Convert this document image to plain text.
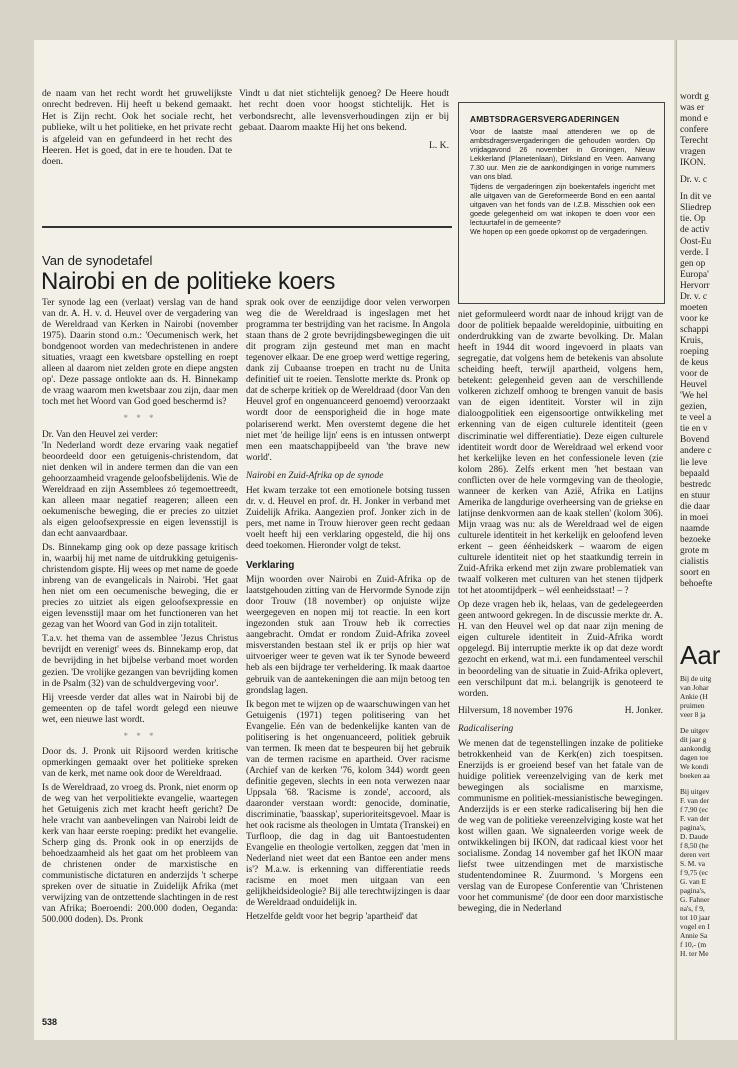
de naam van het recht wordt het gruwelijkste onrecht bedreven. Hij heeft u bekend gemaakt. Het is Zijn recht. Ook het sociale recht, het publieke, wilt u het politieke, en het private recht is afgeleid van en gefundeerd in het recht des Heeren. Het is goed, dat in ere te houden. Dat te doen.

Vindt u dat niet stichtelijk genoeg? De Heere houdt het recht doen voor hoogst stichtelijk. Het is verbondsrecht, alle levensverhoudingen zijn er bij gebaat. Daarom maakte Hij het ons bekend.

L. K.

AMBTSDRAGERSVERGADERINGEN

Voor de laatste maal attenderen we op de ambtsdragersvergaderingen die gehouden worden. Op vrijdagavond 26 november in Groningen, Nieuw Lekkerland (Planetenlaan), Dirksland en Veen. Aanvang 7.30 uur. Men zie de aankondigingen in vorige nummers van ons blad.

Tijdens de vergaderingen zijn boekentafels ingericht met alle uitgaven van de Gereformeerde Bond en een aantal uitgaven van het fonds van de I.Z.B. Misschien ook een goede gelegenheid om wat inkopen te doen voor een lectuurtafel in de gemeente?

We hopen op een goede opkomst op de vergaderingen.

Van de synodetafel
Nairobi en de politieke koers

Ter synode lag een (verlaat) verslag van de hand van dr. A. H. v. d. Heuvel over de vergadering van de Wereldraad van Kerken in Nairobi (november 1975). Daarin stond o.m.: 'Oecumenisch werk, het bondgenoot worden van medechristenen in andere situaties, vraagt een kwetsbare opstelling en roept alleen al daarom niet zelden grote en diepe angsten op'. Deze passage ontlokte aan ds. H. Binnekamp de vraag waarom men kwetsbaar zou zijn, daar men toch met het Woord van God goed beschermd is?

* * *

Dr. Van den Heuvel zei verder:

'In Nederland wordt deze ervaring vaak negatief beoordeeld door een getuigenis-christendom, dat niet denken wil in andere termen dan die van een gehoorzaamheid vragende geloofsbelijdenis. Wie de Wereldraad en zijn Assemblees zó tegemoettreedt, kan alleen maar negatief reageren; alleen een oekumenische beweging, die er precies zo uitziet als eigen geloofsexpressie en eigen levensstijl is dan echt aanvaardbaar.

Ds. Binnekamp ging ook op deze passage kritisch in, waarbij hij met name de uitdrukking getuigenis-christendom gispte. Hij wees op met name de goede inbreng van de evangelicals in Nairobi. 'Het gaat hen niet om een oecumenische beweging, die er precies zo uitziet als eigen geloofsexpressie en eigen levensstijl maar om het functioneren van het gezag van het Woord van God in zijn totaliteit.

T.a.v. het thema van de assemblee 'Jezus Christus bevrijdt en verenigt' wees ds. Binnekamp erop, dat de bevrijding in het bijbelse verband moet worden gezien. 'De vrolijke gezangen van bevrijding komen in de Psalm (32) van de schuldvergeving voor'.

Hij vreesde verder dat alles wat in Nairobi bij de gemeenten op de tafel wordt gelegd een nieuwe wet, een nieuwe last wordt.

* * *

Door ds. J. Pronk uit Rijsoord werden kritische opmerkingen gemaakt over het politieke spreken van de kerk, met name ook door de Wereldraad.

Is de Wereldraad, zo vroeg ds. Pronk, niet enorm op de weg van het verpolitiekte evangelie, waartegen het Getuigenis zich met kracht heeft gericht? De hele vracht van aanbevelingen van Nairobi leidt de kerk van haar eerste roeping: predikt het evangelie. Scherp ging ds. Pronk ook in op enerzijds de behoedzaamheid als het gaat om het probleem van de christenen onder de marxistische en communistische dictaturen en anderzijds 't scherpe spreken over de situatie in Zuidelijk Afrika (met verwijzing van de ontzettende slachtingen in de rest van Afrika; Boeroendi: 200.000 doden, Oeganda: 500.000 doden). Ds. Pronk

sprak ook over de eenzijdige door velen verworpen weg die de Wereldraad is ingeslagen met het programma ter bestrijding van het racisme. In Angola staan thans de 2 grote bevrijdingsbewegingen die uit dit program zijn gesteund met man en macht tegenover elkaar. De ene groep werd wettige regering, dank zij Cubaanse troepen en tracht nu de Unita definitief uit te roeien. Tenslotte merkte ds. Pronk op dat de scherpe kritiek op de Wereldraad (door Van den Heuvel grof en ongenuanceerd genoemd) veroorzaakt wordt door de eensporigheid die in hoge mate polariserend werkt. Men overstemt degene die het niet met 'de heilige lijn' eens is en intussen ontwerpt men een maatschappijbeeld van 'the brave new world'.

Nairobi en Zuid-Afrika op de synode

Het kwam terzake tot een emotionele botsing tussen dr. v. d. Heuvel en prof. dr. H. Jonker in verband met Zuidelijk Afrika. Aangezien prof. Jonker zich in de pers, met name in Trouw hierover geen recht gedaan voelt heeft hij een verklaring opgesteld, die hij ons deed toekomen. Hieronder volgt de tekst.

Verklaring

Mijn woorden over Nairobi en Zuid-Afrika op de laatstgehouden zitting van de Hervormde Synode zijn door Trouw (18 november) op onjuiste wijze weergegeven en nopen mij tot reactie. In een kort ingezonden stuk aan Trouw heb ik correcties aangebracht. Omdat er rondom Zuid-Afrika zoveel misverstanden bestaan stel ik er prijs op hier wat uitvoeriger weer te geven wat ik ter Synode beweerd heb als een bijdrage ter verheldering. Ik maak daartoe gebruik van de aantekeningen die aan mijn betoog ten grondslag lagen.

Ik begon met te wijzen op de waarschuwingen van het Getuigenis (1971) tegen politisering van het Evangelie. Eén van de bedenkelijke kanten van de politisering is het ongenuanceerd, politiek gebruik van termen. Ik meen dat te bespeuren bij het gebruik van de termen racisme en apartheid. Over racisme (Archief van de kerken '76, kolom 344) wordt geen definitie gegeven, slechts in een nota verwezen naar Uppsala '68. 'Racisme is zonde', accoord, als daaronder verstaan wordt: genocide, dominatie, discriminatie, 'baasskap', superioriteitsgevoel. Maar is het ook racisme als theologen in Umtata (Transkei) en Turfloop, die dag in dag uit Bantoestudenten Evangelie en theologie vertolken, zeggen dat 'men in Nederland niet weet dat een Bantoe een ander mens is'? M.a.w. is erkenning van differentiatie reeds racisme en moet men uitgaan van een gelijkheidsideologie? Bij alle terechtwijzingen is daar de Wereldraad onduidelijk in.

Hetzelfde geldt voor het begrip 'apartheid' dat

niet geformuleerd wordt naar de inhoud krijgt van de door de politiek bepaalde wereldopinie, uitbuiting en onderdrukking van de zwarte bevolking. Dr. Malan heeft in 1944 dit woord ingevoerd in plaats van segregatie, dat volgens hem de betekenis van absolute scheiding heeft, terwijl apartheid, volgens hem, betekent: gelegenheid geven aan de verschillende volkeren zichzelf omhoog te brengen vanuit de basis van de eigen identiteit. Vorster wil in zijn dialoogpolitiek een eigensoortige ontwikkeling met erkenning van de eigen culturele identiteit (geen discriminatie wel differentiatie). Deze eigen culturele identiteit wordt door de Wereldraad wel erkend voor het kerkelijke leven en het confessionele leven (zie kolom 286). Zelfs erkent men 'het bestaan van conflicten over de hele vormgeving van de theologie, wanneer de kerken van Azië, Afrika en Latijns Amerika de langdurige overheersing van de griekse en latijnse denkvormen aan de kaak stellen' (kolom 306). Mijn vraag was nu: als de Wereldraad wel de eigen culturele identiteit in het kerkelijk en geloofend leven erkent – geen éénheidskerk – waarom de eigen culturele identiteit niet op het staatkundig terrein in Zuid-Afrika erkend met zijn zware problematiek van twaalf volkeren met culturen van het stenen tijdperk tot het atoomtijdperk – wél eenheidsstaat! – ?

Op deze vragen heb ik, helaas, van de gedelegeerden geen antwoord gekregen. In de discussie merkte dr. A. H. van den Heuvel wel op dat naar zijn mening de eigen culturele identiteit in Zuid-Afrika wordt opgelegd. Bij interruptie merkte ik op dat deze wordt gezocht en erkend, wat m.i. een fundamenteel verschil in beoordeling van de situatie in Zuid-Afrika oplevert, een verschilpunt dat m.i. belangrijk is genoteerd te worden.

Hilversum, 18 november 1976	H. Jonker.

Radicalisering

We menen dat de tegenstellingen inzake de politieke betrokkenheid van de Kerk(en) zich toespitsen. Enerzijds is er groeiend besef van het fatale van de huidige politiek vereenzelviging van de kerk met bewegingen als socialisme en marxisme, communisme en politiek-messianistische bewegingen. Anderzijds is er een sterke radicalisering bij hen die de weg van de politieke vereenzelviging koste wat het kost willen gaan. We signaleerden vorige week de ontwikkelingen bij IKON, dat radicaal kiest voor het socialisme. Zondag 14 november gaf het IKON maar liefst twee uitzendingen met de marxistische studentendominee R. Zuurmond. 's Morgens een verslag van de Europese Conferentie van 'Christenen voor het communisme' (de door een door marxistische beweging, die in Nederland

538
wordt g
was er
mond e
confere
Terecht
vragen
IKON.
Dr. v. c
In dit ve
Sliedrep
tie. Op
de activ
Oost-Eu
verde. I
gen op
Europa'
Hervorr
Dr. v. c
moeten
voor ke
schappi
Kruis,
roeping
de keus
voor de
Heuvel
'We hel
gezien,
te veel a
tie en v
Bovend
andere c
lie leve
bepaald
bestredc
en stuur
die daar
in moei
naamde
bezoeke
grote m
cialistis
soort en
behoefte
Aar
Bij de uitg
van Johar
Ankie (H
pruimen
veer 8 ja
De uitgev
dit jaar g
aankondig
dagen toe
We kondi
boeken aa
Bij uitgev
F. van der
f 7,90 (ec
F. van der
pagina's,
D. Daude
f 8,50 (he
deren vert
S. M. va
f 9,75 (ec
G. van E
pagina's,
G. Fahner
na's, f 9,
tot 10 jaar
vogel en I
Annie Sa
f 10,- (m
H. ter Me
